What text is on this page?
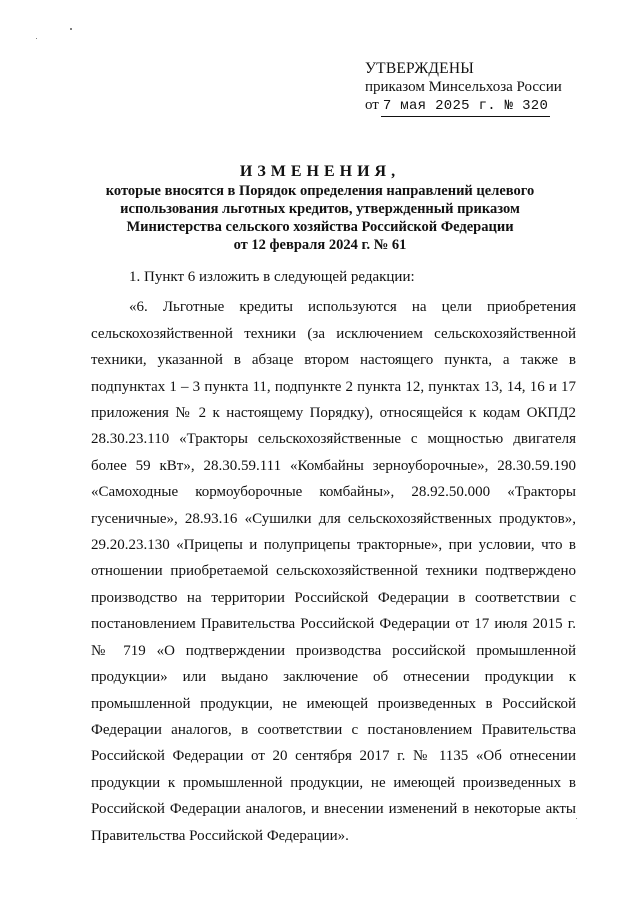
УТВЕРЖДЕНЫ
приказом Минсельхоза России
от 7 мая 2025 г. № 320
ИЗМЕНЕНИЯ,
которые вносятся в Порядок определения направлений целевого
использования льготных кредитов, утвержденный приказом
Министерства сельского хозяйства Российской Федерации
от 12 февраля 2024 г. № 61

1. Пункт 6 изложить в следующей редакции:

«6. Льготные кредиты используются на цели приобретения сельскохозяйственной техники (за исключением сельскохозяйственной техники, указанной в абзаце втором настоящего пункта, а также в подпунктах 1 – 3 пункта 11, подпункте 2 пункта 12, пунктах 13, 14, 16 и 17 приложения № 2 к настоящему Порядку), относящейся к кодам ОКПД2 28.30.23.110 «Тракторы сельскохозяйственные с мощностью двигателя более 59 кВт», 28.30.59.111 «Комбайны зерноуборочные», 28.30.59.190 «Самоходные кормоуборочные комбайны», 28.92.50.000 «Тракторы гусеничные», 28.93.16 «Сушилки для сельскохозяйственных продуктов», 29.20.23.130 «Прицепы и полуприцепы тракторные», при условии, что в отношении приобретаемой сельскохозяйственной техники подтверждено производство на территории Российской Федерации в соответствии с постановлением Правительства Российской Федерации от 17 июля 2015 г. № 719 «О подтверждении производства российской промышленной продукции» или выдано заключение об отнесении продукции к промышленной продукции, не имеющей произведенных в Российской Федерации аналогов, в соответствии с постановлением Правительства Российской Федерации от 20 сентября 2017 г. № 1135 «Об отнесении продукции к промышленной продукции, не имеющей произведенных в Российской Федерации аналогов, и внесении изменений в некоторые акты Правительства Российской Федерации».
